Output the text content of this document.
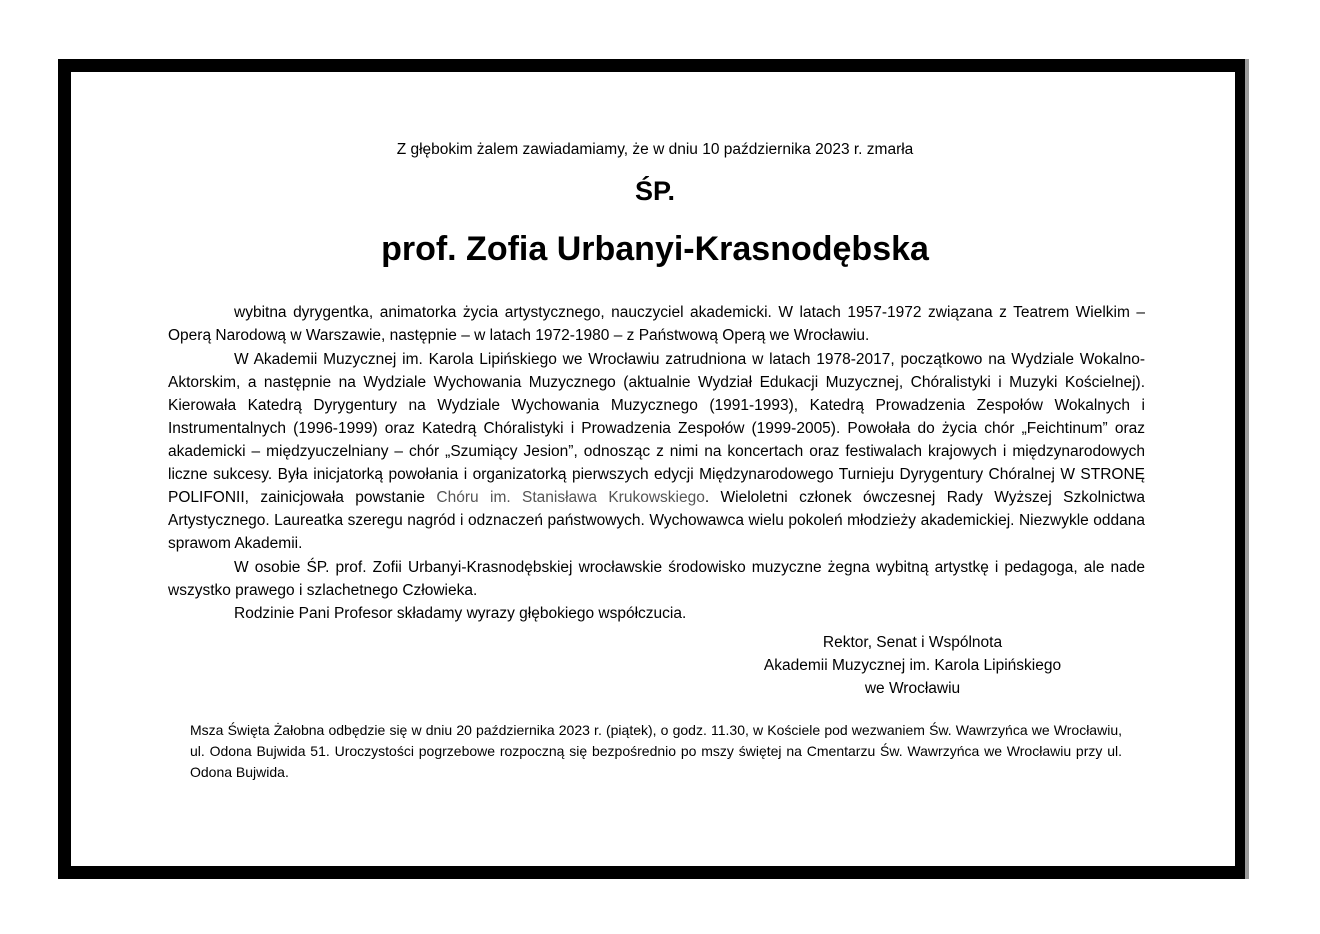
Z głębokim żalem zawiadamiamy, że w dniu 10 października 2023 r. zmarła
ŚP.
prof. Zofia Urbanyi-Krasnodębska

wybitna dyrygentka, animatorka życia artystycznego, nauczyciel akademicki. W latach 1957-1972 związana z Teatrem Wielkim – Operą Narodową w Warszawie, następnie – w latach 1972-1980 – z Państwową Operą we Wrocławiu.

W Akademii Muzycznej im. Karola Lipińskiego we Wrocławiu zatrudniona w latach 1978-2017, początkowo na Wydziale Wokalno-Aktorskim, a następnie na Wydziale Wychowania Muzycznego (aktualnie Wydział Edukacji Muzycznej, Chóralistyki i Muzyki Kościelnej). Kierowała Katedrą Dyrygentury na Wydziale Wychowania Muzycznego (1991-1993), Katedrą Prowadzenia Zespołów Wokalnych i Instrumentalnych (1996-1999) oraz Katedrą Chóralistyki i Prowadzenia Zespołów (1999-2005). Powołała do życia chór „Feichtinum” oraz akademicki – międzyuczelniany – chór „Szumiący Jesion”, odnosząc z nimi na koncertach oraz festiwalach krajowych i międzynarodowych liczne sukcesy. Była inicjatorką powołania i organizatorką pierwszych edycji Międzynarodowego Turnieju Dyrygentury Chóralnej W STRONĘ POLIFONII, zainicjowała powstanie Chóru im. Stanisława Krukowskiego. Wieloletni członek ówczesnej Rady Wyższej Szkolnictwa Artystycznego. Laureatka szeregu nagród i odznaczeń państwowych. Wychowawca wielu pokoleń młodzieży akademickiej. Niezwykle oddana sprawom Akademii.

W osobie ŚP. prof. Zofii Urbanyi-Krasnodębskiej wrocławskie środowisko muzyczne żegna wybitną artystkę i pedagoga, ale nade wszystko prawego i szlachetnego Człowieka.

Rodzinie Pani Profesor składamy wyrazy głębokiego współczucia.

Rektor, Senat i Wspólnota
Akademii Muzycznej im. Karola Lipińskiego
we Wrocławiu
Msza Święta Żałobna odbędzie się w dniu 20 października 2023 r. (piątek), o godz. 11.30, w Kościele pod wezwaniem Św. Wawrzyńca we Wrocławiu, ul. Odona Bujwida 51. Uroczystości pogrzebowe rozpoczną się bezpośrednio po mszy świętej na Cmentarzu Św. Wawrzyńca we Wrocławiu przy ul. Odona Bujwida.
